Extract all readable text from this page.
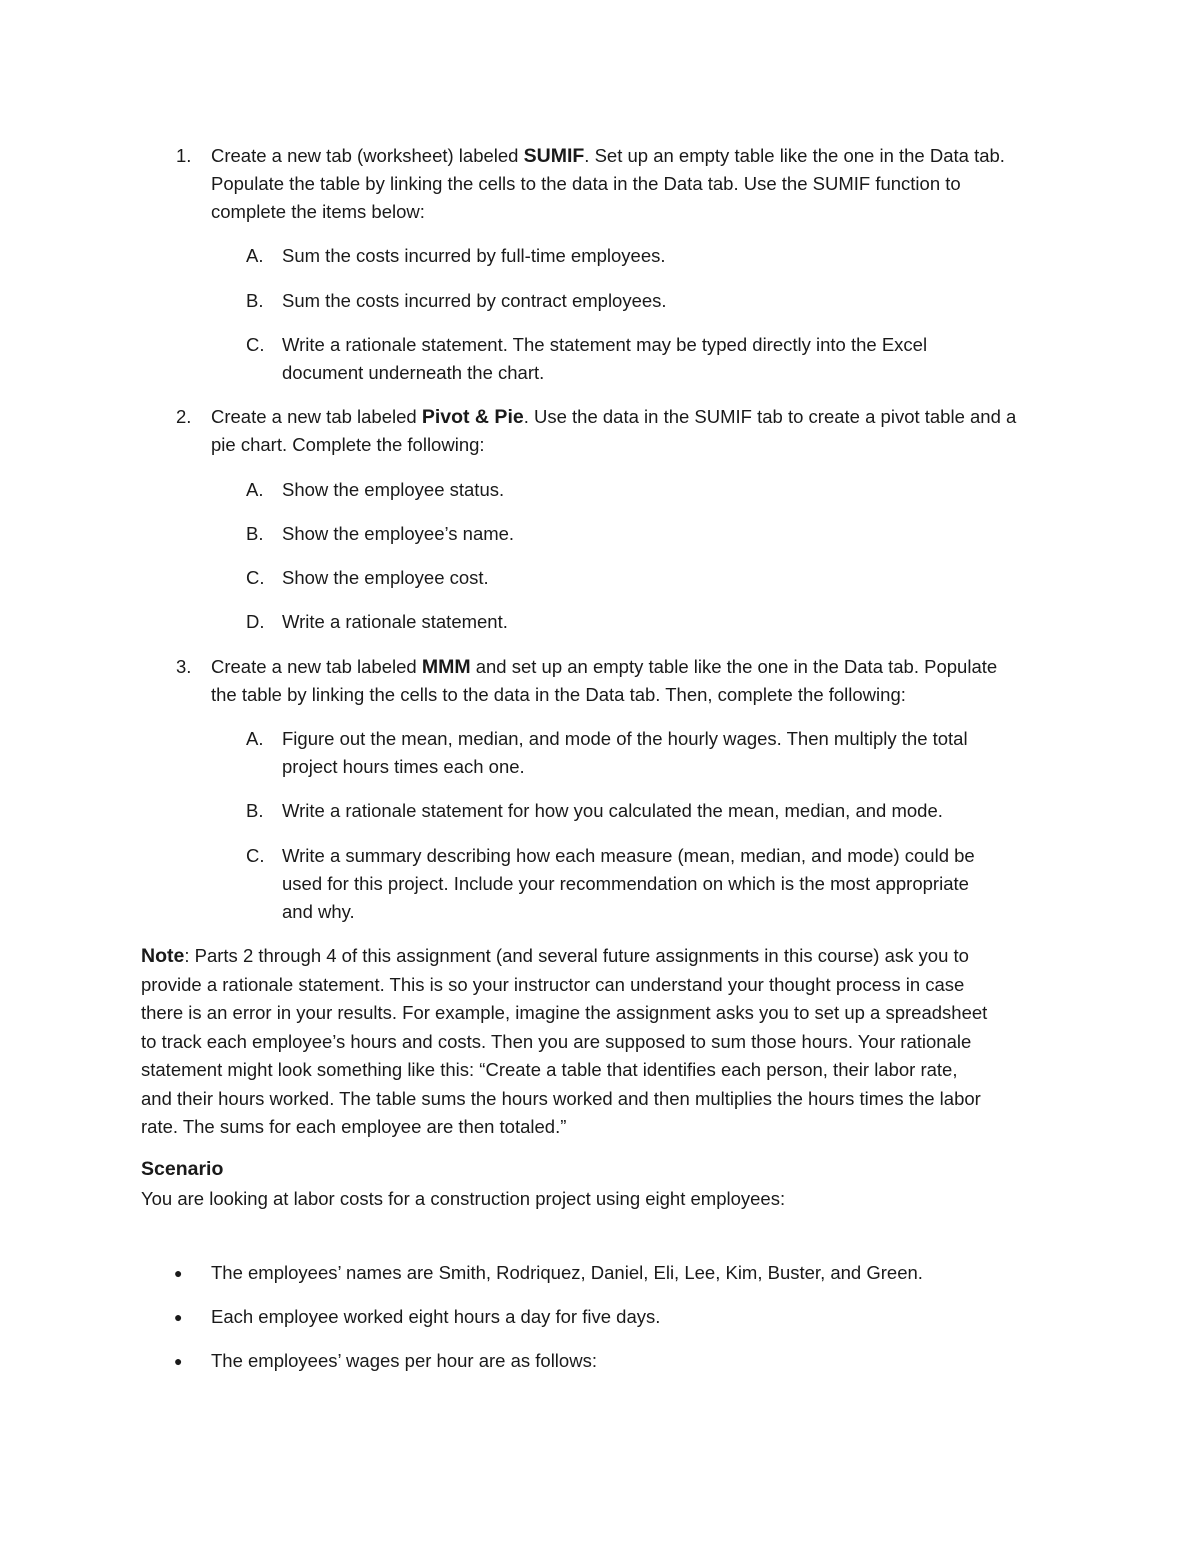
1. Create a new tab (worksheet) labeled SUMIF. Set up an empty table like the one in the Data tab.
Populate the table by linking the cells to the data in the Data tab. Use the SUMIF function to
complete the items below:
A. Sum the costs incurred by full-time employees.
B. Sum the costs incurred by contract employees.
C. Write a rationale statement. The statement may be typed directly into the Excel
document underneath the chart.
2. Create a new tab labeled Pivot & Pie. Use the data in the SUMIF tab to create a pivot table and a
pie chart. Complete the following:
A. Show the employee status.
B. Show the employee’s name.
C. Show the employee cost.
D. Write a rationale statement.
3. Create a new tab labeled MMM and set up an empty table like the one in the Data tab. Populate
the table by linking the cells to the data in the Data tab. Then, complete the following:
A. Figure out the mean, median, and mode of the hourly wages. Then multiply the total
project hours times each one.
B. Write a rationale statement for how you calculated the mean, median, and mode.
C. Write a summary describing how each measure (mean, median, and mode) could be
used for this project. Include your recommendation on which is the most appropriate
and why.
Note: Parts 2 through 4 of this assignment (and several future assignments in this course) ask you to
provide a rationale statement. This is so your instructor can understand your thought process in case
there is an error in your results. For example, imagine the assignment asks you to set up a spreadsheet
to track each employee’s hours and costs. Then you are supposed to sum those hours. Your rationale
statement might look something like this: “Create a table that identifies each person, their labor rate,
and their hours worked. The table sums the hours worked and then multiplies the hours times the labor
rate. The sums for each employee are then totaled.”
Scenario
You are looking at labor costs for a construction project using eight employees:
● The employees’ names are Smith, Rodriquez, Daniel, Eli, Lee, Kim, Buster, and Green.
● Each employee worked eight hours a day for five days.
● The employees’ wages per hour are as follows:
